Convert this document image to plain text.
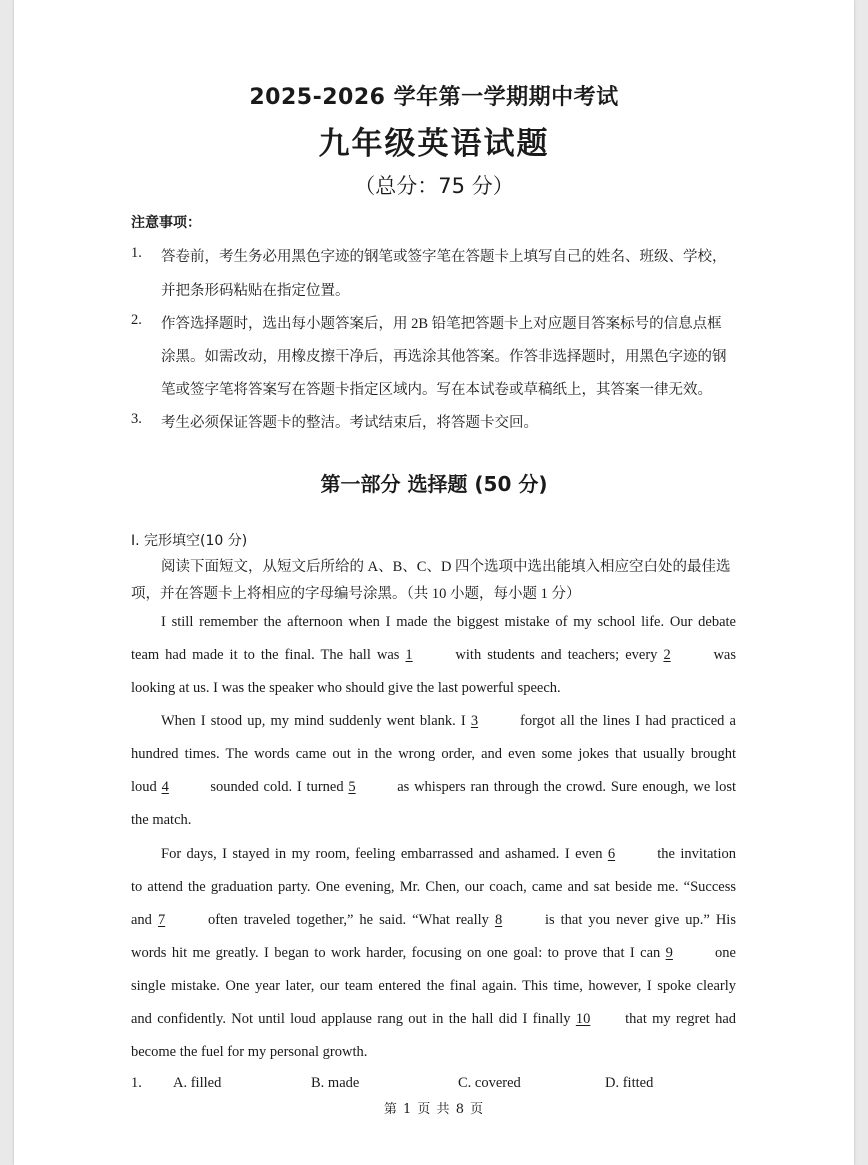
2025-2026 学年第一学期期中考试
九年级英语试题
（总分：75 分）
注意事项：
1. 答卷前，考生务必用黑色字迹的钢笔或签字笔在答题卡上填写自己的姓名、班级、学校，
并把条形码粘贴在指定位置。
2. 作答选择题时，选出每小题答案后，用 2B 铅笔把答题卡上对应题目答案标号的信息点框
涂黑。如需改动，用橡皮擦干净后，再选涂其他答案。作答非选择题时，用黑色字迹的钢
笔或签字笔将答案写在答题卡指定区域内。写在本试卷或草稿纸上，其答案一律无效。
3. 考生必须保证答题卡的整洁。考试结束后，将答题卡交回。
第一部分 选择题 (50 分)
I. 完形填空(10 分)
阅读下面短文，从短文后所给的 A、B、C、D 四个选项中选出能填入相应空白处的最佳选
项，并在答题卡上将相应的字母编号涂黑。（共 10 小题，每小题 1 分）
I still remember the afternoon when I made the biggest mistake of my school life. Our debate
team had made it to the final. The hall was 1	with students and teachers; every 2	was
looking at us. I was the speaker who should give the last powerful speech.
When I stood up, my mind suddenly went blank. I 3	forgot all the lines I had practiced a
hundred times. The words came out in the wrong order, and even some jokes that usually brought
loud 4	sounded cold. I turned 5	as whispers ran through the crowd. Sure enough, we lost
the match.
For days, I stayed in my room, feeling embarrassed and ashamed. I even 6	the invitation
to attend the graduation party. One evening, Mr. Chen, our coach, came and sat beside me. “Success
and 7	often traveled together,” he said. “What really 8	is that you never give up.” His
words hit me greatly. I began to work harder, focusing on one goal: to prove that I can 9	one
single mistake. One year later, our team entered the final again. This time, however, I spoke clearly
and confidently. Not until loud applause rang out in the hall did I finally 10 that my regret had
become the fuel for my personal growth.
1. A. filled	B. made	C. covered	D. fitted
第 1 页 共 8 页
